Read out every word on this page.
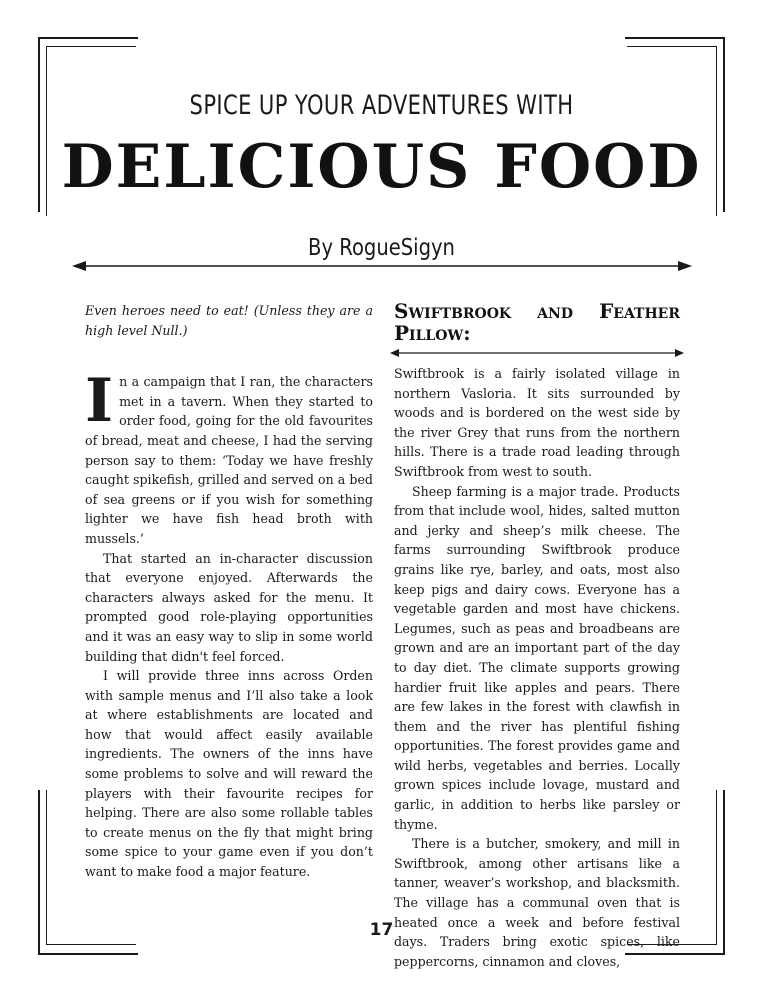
SPICE UP YOUR ADVENTURES WITH
DELICIOUS FOOD
By RogueSigyn

Even heroes need to eat! (Unless they are a high level Null.)

In a campaign that I ran, the characters met in a tavern. When they started to order food, going for the old favourites of bread, meat and cheese, I had the serving person say to them: ‘Today we have freshly caught spikefish, grilled and served on a bed of sea greens or if you wish for something lighter we have fish head broth with mussels.’

That started an in-character discussion that everyone enjoyed. Afterwards the characters always asked for the menu. It prompted good role-playing opportunities and it was an easy way to slip in some world building that didn't feel forced.

I will provide three inns across Orden with sample menus and I’ll also take a look at where establishments are located and how that would affect easily available ingredients. The owners of the inns have some problems to solve and will reward the players with their favourite recipes for helping. There are also some rollable tables to create menus on the fly that might bring some spice to your game even if you don’t want to make food a major feature.

Swiftbrook and Feather Pillow:

Swiftbrook is a fairly isolated village in northern Vasloria. It sits surrounded by woods and is bordered on the west side by the river Grey that runs from the northern hills. There is a trade road leading through Swiftbrook from west to south.

Sheep farming is a major trade. Products from that include wool, hides, salted mutton and jerky and sheep’s milk cheese. The farms surrounding Swiftbrook produce grains like rye, barley, and oats, most also keep pigs and dairy cows. Everyone has a vegetable garden and most have chickens. Legumes, such as peas and broadbeans are grown and are an important part of the day to day diet. The climate supports growing hardier fruit like apples and pears. There are few lakes in the forest with clawfish in them and the river has plentiful fishing opportunities. The forest provides game and wild herbs, vegetables and berries. Locally grown spices include lovage, mustard and garlic, in addition to herbs like parsley or thyme.

There is a butcher, smokery, and mill in Swiftbrook, among other artisans like a tanner, weaver’s workshop, and blacksmith. The village has a communal oven that is heated once a week and before festival days. Traders bring exotic spices, like peppercorns, cinnamon and cloves,

17
